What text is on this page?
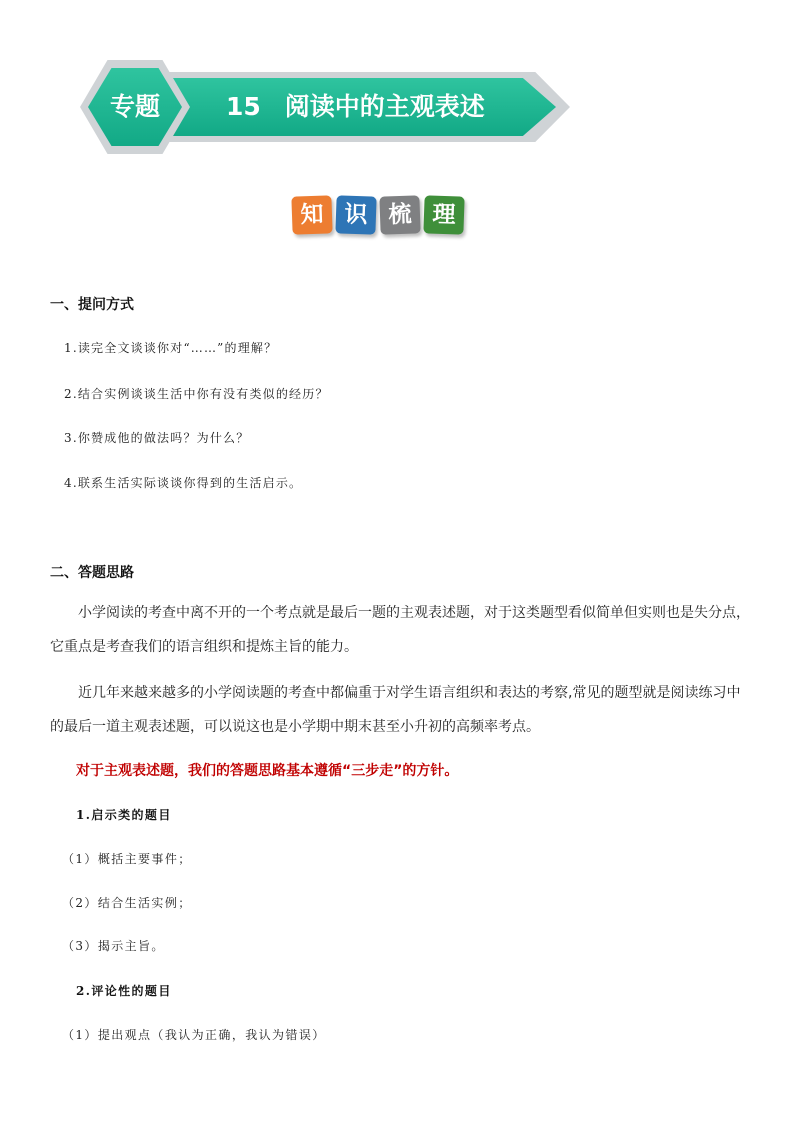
专题	15 阅读中的主观表述
知 识 梳 理
一、提问方式
1.读完全文谈谈你对“……”的理解？
2.结合实例谈谈生活中你有没有类似的经历？
3.你赞成他的做法吗？为什么？
4.联系生活实际谈谈你得到的生活启示。
二、答题思路
小学阅读的考查中离不开的一个考点就是最后一题的主观表述题，对于这类题型看似简单但实则也是失分点，
它重点是考查我们的语言组织和提炼主旨的能力。
近几年来越来越多的小学阅读题的考查中都偏重于对学生语言组织和表达的考察,常见的题型就是阅读练习中
的最后一道主观表述题，可以说这也是小学期中期末甚至小升初的高频率考点。
对于主观表述题，我们的答题思路基本遵循“三步走”的方针。
1.启示类的题目
（1）概括主要事件；
（2）结合生活实例；
（3）揭示主旨。
2.评论性的题目
（1）提出观点（我认为正确，我认为错误）
